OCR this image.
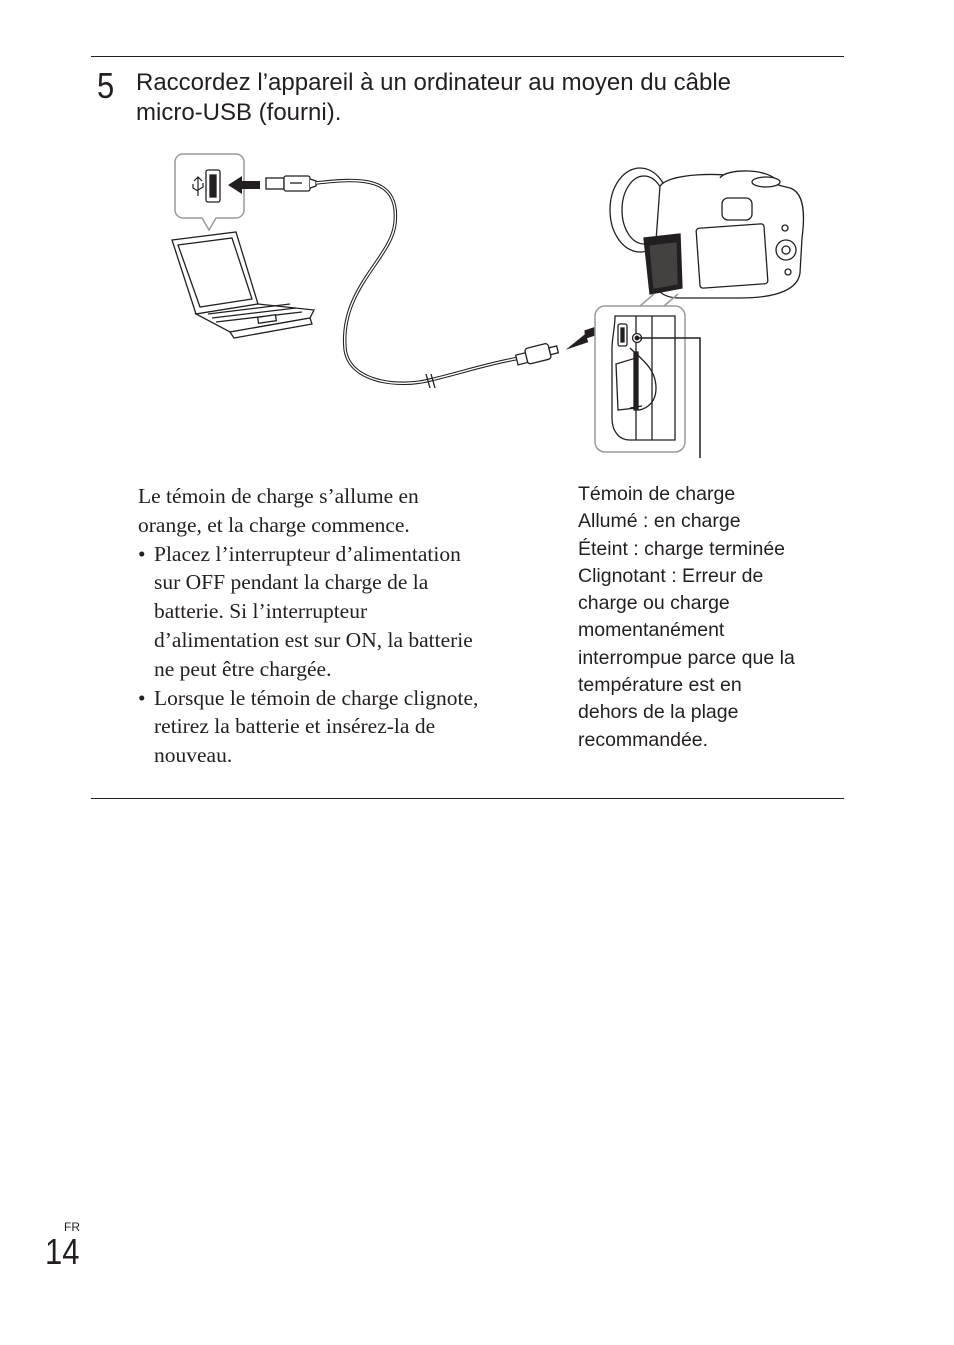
5 Raccordez l’appareil à un ordinateur au moyen du câble
micro-USB (fourni).
Le témoin de charge s’allume en
orange, et la charge commence.
• Placez l’interrupteur d’alimentation
sur OFF pendant la charge de la
batterie. Si l’interrupteur
d’alimentation est sur ON, la batterie
ne peut être chargée.
• Lorsque le témoin de charge clignote,
retirez la batterie et insérez-la de
nouveau.
Témoin de charge
Allumé : en charge
Éteint : charge terminée
Clignotant : Erreur de
charge ou charge
momentanément
interrompue parce que la
température est en
dehors de la plage
recommandée.
FR
14
